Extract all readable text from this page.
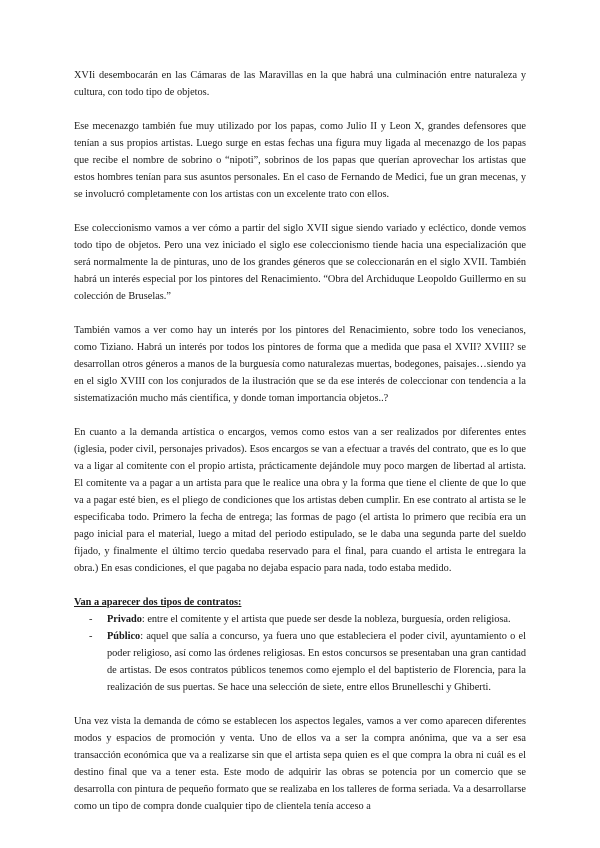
XVIi desembocarán en las Cámaras de las Maravillas en la que habrá una culminación entre naturaleza y cultura, con todo tipo de objetos.

Ese mecenazgo también fue muy utilizado por los papas, como Julio II y Leon X, grandes defensores que tenían a sus propios artistas. Luego surge en estas fechas una figura muy ligada al mecenazgo de los papas que recibe el nombre de sobrino o “nipoti”, sobrinos de los papas que querían aprovechar los artistas que estos hombres tenían para sus asuntos personales. En el caso de Fernando de Medici, fue un gran mecenas, y se involucró completamente con los artistas con un excelente trato con ellos.

Ese coleccionismo vamos a ver cómo a partir del siglo XVII sigue siendo variado y ecléctico, donde vemos todo tipo de objetos. Pero una vez iniciado el siglo ese coleccionismo tiende hacia una especialización que será normalmente la de pinturas, uno de los grandes géneros que se coleccionarán en el siglo XVII. También habrá un interés especial por los pintores del Renacimiento. “Obra del Archiduque Leopoldo Guillermo en su colección de Bruselas.”

También vamos a ver como hay un interés por los pintores del Renacimiento, sobre todo los venecianos, como Tiziano. Habrá un interés por todos los pintores de forma que a medida que pasa el XVII? XVIII? se desarrollan otros géneros a manos de la burguesía como naturalezas muertas, bodegones, paisajes…siendo ya en el siglo XVIII con los conjurados de la ilustración que se da ese interés de coleccionar con tendencia a la sistematización mucho más científica, y donde toman importancia objetos..?

En cuanto a la demanda artística o encargos, vemos como estos van a ser realizados por diferentes entes (iglesia, poder civil, personajes privados). Esos encargos se van a efectuar a través del contrato, que es lo que va a ligar al comitente con el propio artista, prácticamente dejándole muy poco margen de libertad al artista. El comitente va a pagar a un artista para que le realice una obra y la forma que tiene el cliente de que lo que va a pagar esté bien, es el pliego de condiciones que los artistas deben cumplir. En ese contrato al artista se le especificaba todo. Primero la fecha de entrega; las formas de pago (el artista lo primero que recibía era un pago inicial para el material, luego a mitad del periodo estipulado, se le daba una segunda parte del sueldo fijado, y finalmente el último tercio quedaba reservado para el final, para cuando el artista le entregara la obra.) En esas condiciones, el que pagaba no dejaba espacio para nada, todo estaba medido.

Van a aparecer dos tipos de contratos:
- Privado: entre el comitente y el artista que puede ser desde la nobleza, burguesía, orden religiosa.
- Público: aquel que salía a concurso, ya fuera uno que estableciera el poder civil, ayuntamiento o el poder religioso, así como las órdenes religiosas. En estos concursos se presentaban una gran cantidad de artistas. De esos contratos públicos tenemos como ejemplo el del baptisterio de Florencia, para la realización de sus puertas. Se hace una selección de siete, entre ellos Brunelleschi y Ghiberti.

Una vez vista la demanda de cómo se establecen los aspectos legales, vamos a ver como aparecen diferentes modos y espacios de promoción y venta. Uno de ellos va a ser la compra anónima, que va a ser esa transacción económica que va a realizarse sin que el artista sepa quien es el que compra la obra ni cuál es el destino final que va a tener esta. Este modo de adquirir las obras se potencia por un comercio que se desarrolla con pintura de pequeño formato que se realizaba en los talleres de forma seriada. Va a desarrollarse como un tipo de compra donde cualquier tipo de clientela tenía acceso a
